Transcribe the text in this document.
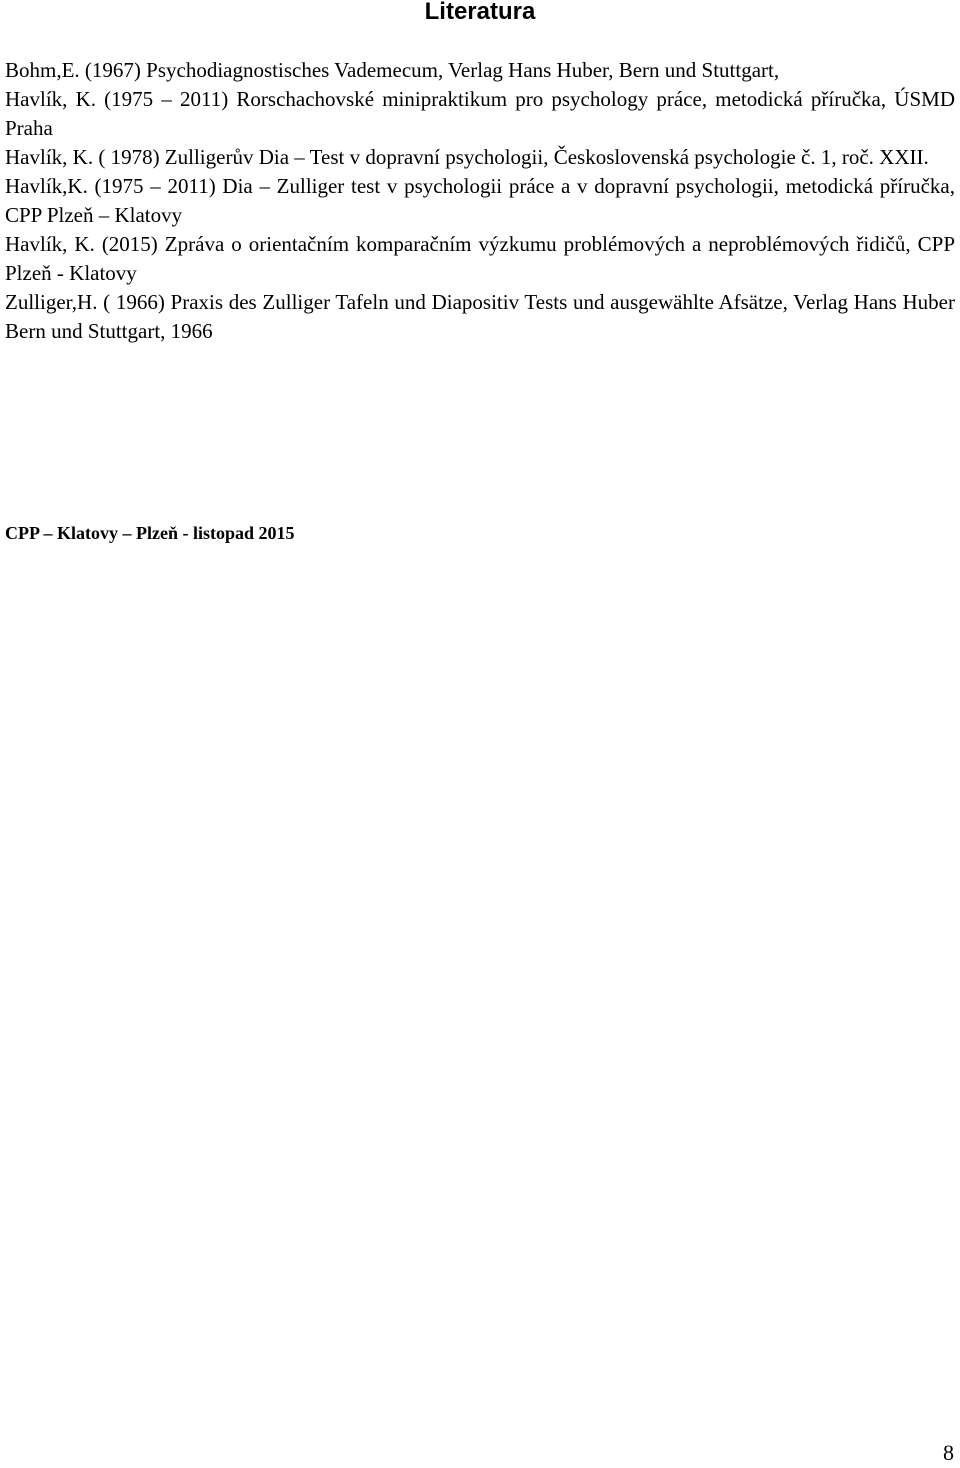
Literatura

Bohm,E. (1967) Psychodiagnostisches Vademecum, Verlag Hans Huber, Bern und Stuttgart,

Havlík, K. (1975 – 2011) Rorschachovské minipraktikum pro psychology práce, metodická příručka, ÚSMD Praha

Havlík, K. ( 1978) Zulligerův Dia – Test v dopravní psychologii, Československá psychologie č. 1, roč. XXII.

Havlík,K. (1975 – 2011) Dia – Zulliger test v psychologii práce a v dopravní psychologii, metodická příručka, CPP Plzeň – Klatovy

Havlík, K. (2015) Zpráva o orientačním komparačním výzkumu problémových a neproblémových řidičů, CPP Plzeň - Klatovy

Zulliger,H. ( 1966) Praxis des Zulliger Tafeln und Diapositiv Tests und ausgewählte Afsätze, Verlag Hans Huber Bern und Stuttgart, 1966

CPP – Klatovy – Plzeň - listopad 2015
8
